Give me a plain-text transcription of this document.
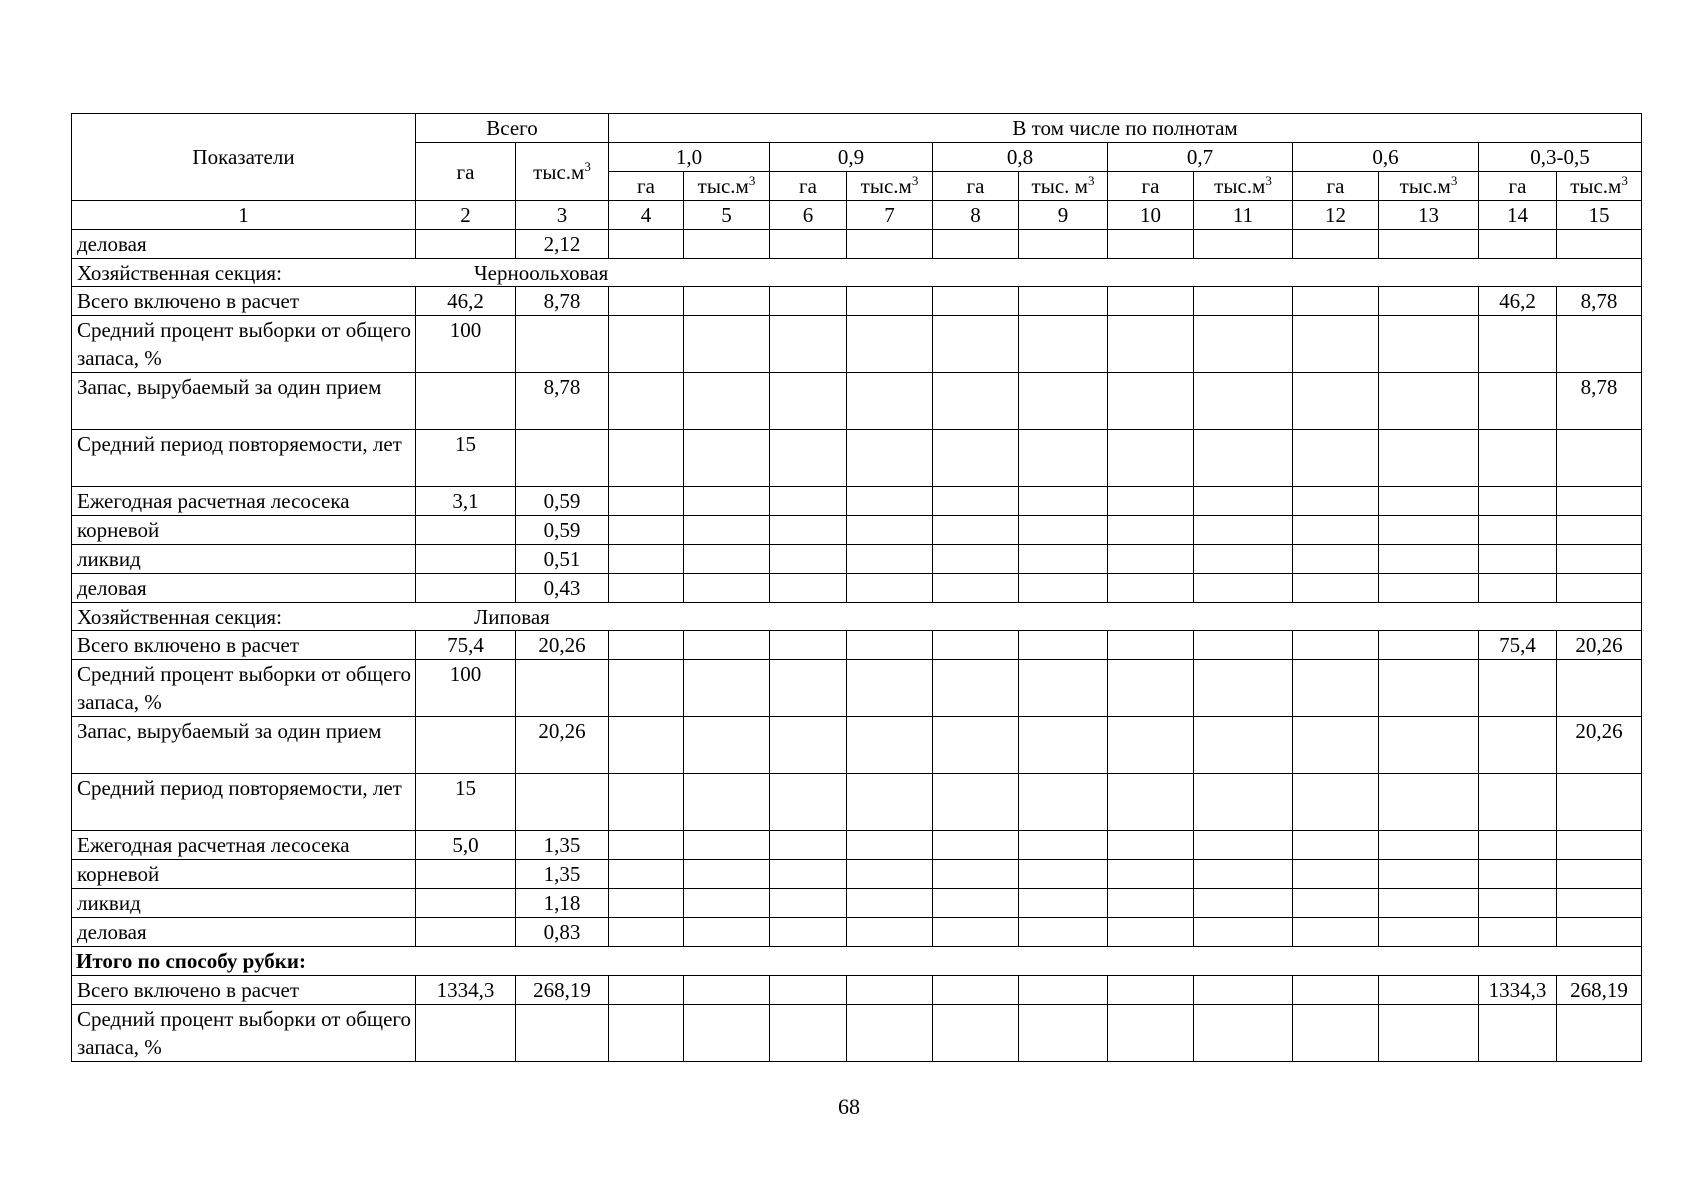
Показатели	Всего		В том числе по полнотам											
	га	$тыс.м^3$	1,0		0,9		0,8		0,7		0,6		0,3-0,5	
			га	$тыс.м^3$	га	$тыс.м^3$	га	тыс. $м^3$	га	$тыс.м^3$	га	$тыс.м^3$	га	$тыс.м^3$
1	2	3	4	5	6	7	8	9	10	11	12	13	14	15
деловая		2,12												

Хозяйственная секция: Черноольховая														

Всего включено в расчет	46,2	8,78											46,2	8,78
Средний процент выборки от общего запаса, %	100													
Запас, вырубаемый за один прием		8,78												8,78
Средний период повторяемости, лет	15													
Ежегодная расчетная лесосека	3,1	0,59												
корневой		0,59												
ликвид		0,51												
деловая		0,43												

Хозяйственная секция: Липовая														

Всего включено в расчет	75,4	20,26											75,4	20,26
Средний процент выборки от общего запаса, %	100													
Запас, вырубаемый за один прием		20,26												20,26
Средний период повторяемости, лет	15													
Ежегодная расчетная лесосека	5,0	1,35												
корневой		1,35												
ликвид		1,18												
деловая		0,83												
Итого по способу рубки:														
Всего включено в расчет	1334,3	268,19											1334,3	268,19
Средний процент выборки от общего запаса, %														
68
